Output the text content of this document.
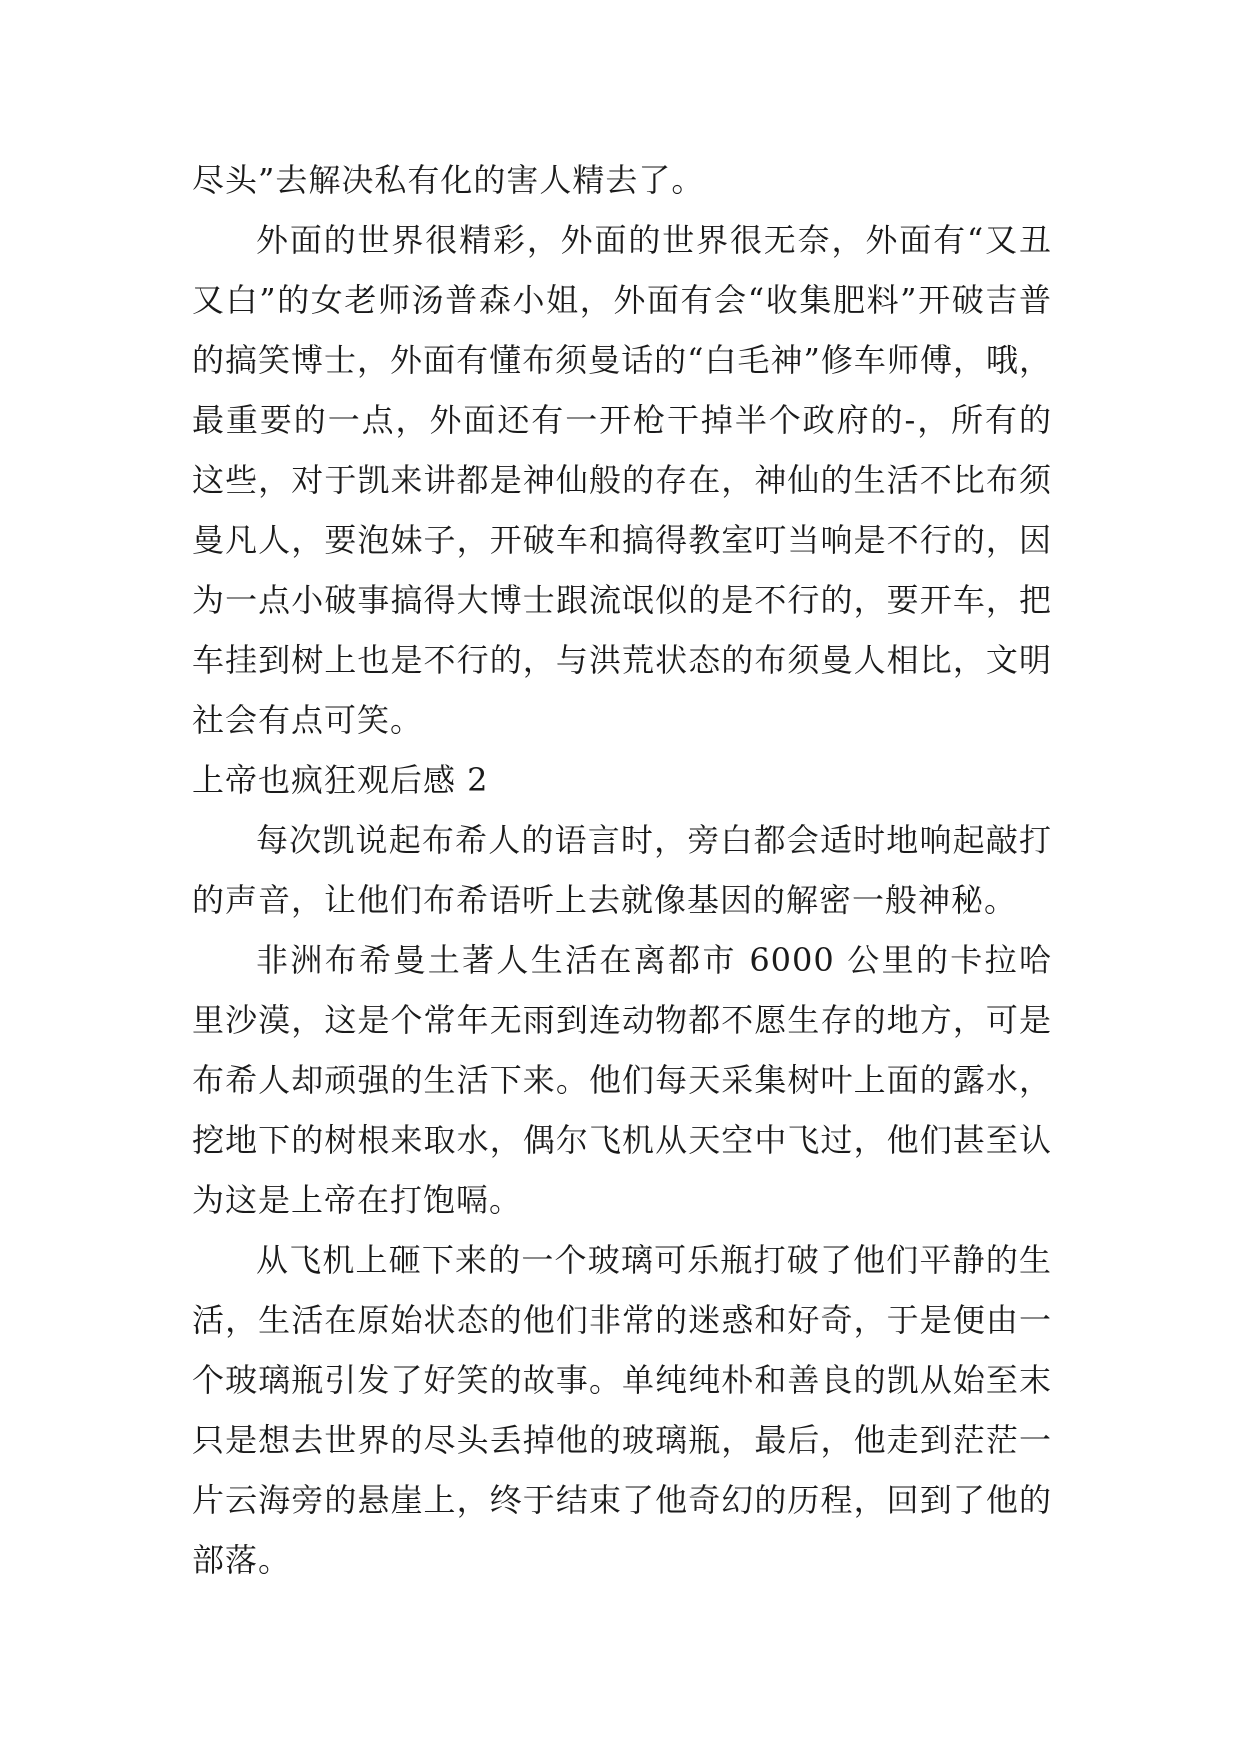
尽头”去解决私有化的害人精去了。

外面的世界很精彩，外面的世界很无奈，外面有“又丑又白”的女老师汤普森小姐，外面有会“收集肥料”开破吉普的搞笑博士，外面有懂布须曼话的“白毛神”修车师傅，哦，最重要的一点，外面还有一开枪干掉半个政府的-，所有的这些，对于凯来讲都是神仙般的存在，神仙的生活不比布须曼凡人，要泡妹子，开破车和搞得教室叮当响是不行的，因为一点小破事搞得大博士跟流氓似的是不行的，要开车，把车挂到树上也是不行的，与洪荒状态的布须曼人相比，文明社会有点可笑。

上帝也疯狂观后感 2

每次凯说起布希人的语言时，旁白都会适时地响起敲打的声音，让他们布希语听上去就像基因的解密一般神秘。

非洲布希曼土著人生活在离都市 6000 公里的卡拉哈里沙漠，这是个常年无雨到连动物都不愿生存的地方，可是布希人却顽强的生活下来。他们每天采集树叶上面的露水，挖地下的树根来取水，偶尔飞机从天空中飞过，他们甚至认为这是上帝在打饱嗝。

从飞机上砸下来的一个玻璃可乐瓶打破了他们平静的生活，生活在原始状态的他们非常的迷惑和好奇，于是便由一个玻璃瓶引发了好笑的故事。单纯纯朴和善良的凯从始至末只是想去世界的尽头丢掉他的玻璃瓶，最后，他走到茫茫一片云海旁的悬崖上，终于结束了他奇幻的历程，回到了他的部落。
